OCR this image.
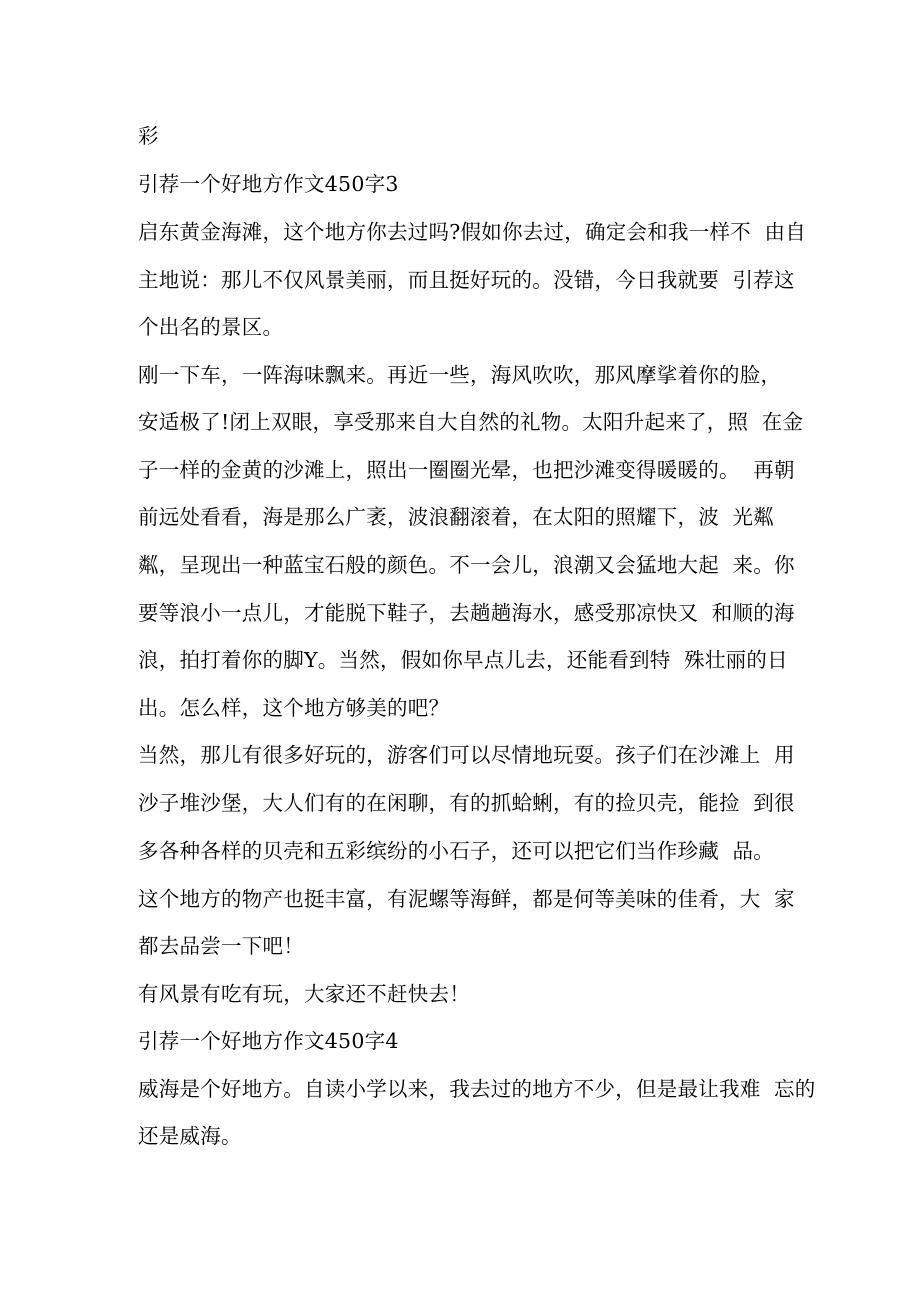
彩
引荐一个好地方作文450字3
启东黄金海滩，这个地方你去过吗?假如你去过，确定会和我一样不  由自
主地说：那儿不仅风景美丽，而且挺好玩的。没错，今日我就要  引荐这
个出名的景区。
刚一下车，一阵海味飘来。再近一些，海风吹吹，那风摩挲着你的脸，
安适极了!闭上双眼，享受那来自大自然的礼物。太阳升起来了，照  在金
子一样的金黄的沙滩上，照出一圈圈光晕，也把沙滩变得暖暖的。  再朝
前远处看看，海是那么广袤，波浪翻滚着，在太阳的照耀下，波  光粼
粼，呈现出一种蓝宝石般的颜色。不一会儿，浪潮又会猛地大起  来。你
要等浪小一点儿，才能脱下鞋子，去趟趟海水，感受那凉快又  和顺的海
浪，拍打着你的脚Y。当然，假如你早点儿去，还能看到特  殊壮丽的日
出。怎么样，这个地方够美的吧？
当然，那儿有很多好玩的，游客们可以尽情地玩耍。孩子们在沙滩上  用
沙子堆沙堡，大人们有的在闲聊，有的抓蛤蜊，有的捡贝壳，能捡  到很
多各种各样的贝壳和五彩缤纷的小石子，还可以把它们当作珍藏  品。
这个地方的物产也挺丰富，有泥螺等海鲜，都是何等美味的佳肴，大  家
都去品尝一下吧！
有风景有吃有玩，大家还不赶快去！
引荐一个好地方作文450字4
威海是个好地方。自读小学以来，我去过的地方不少，但是最让我难  忘的
还是威海。
